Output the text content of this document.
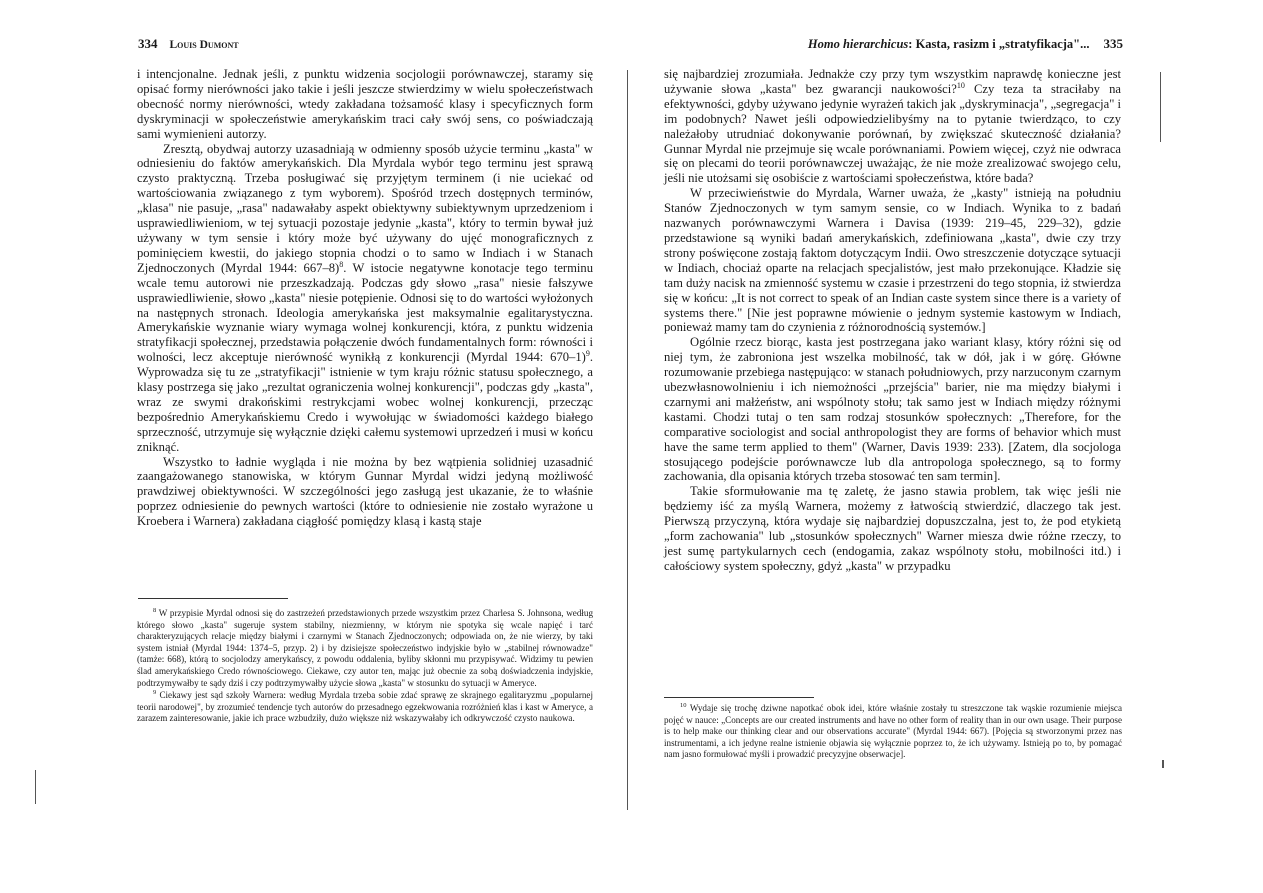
334 Louis Dumont

i intencjonalne. Jednak jeśli, z punktu widzenia socjologii porównawczej, staramy się opisać formy nierówności jako takie i jeśli jeszcze stwierdzimy w wielu społeczeństwach obecność normy nierówności, wtedy zakładana tożsamość klasy i specyficznych form dyskryminacji w społeczeństwie amerykańskim traci cały swój sens, co poświadczają sami wymienieni autorzy.

Zresztą, obydwaj autorzy uzasadniają w odmienny sposób użycie terminu „kasta" w odniesieniu do faktów amerykańskich. Dla Myrdala wybór tego terminu jest sprawą czysto praktyczną. Trzeba posługiwać się przyjętym terminem (i nie uciekać od wartościowania związanego z tym wyborem). Spośród trzech dostępnych terminów, „klasa" nie pasuje, „rasa" nadawałaby aspekt obiektywny subiektywnym uprzedzeniom i usprawiedliwieniom, w tej sytuacji pozostaje jedynie „kasta", który to termin bywał już używany w tym sensie i który może być używany do ujęć monograficznych z pominięciem kwestii, do jakiego stopnia chodzi o to samo w Indiach i w Stanach Zjednoczonych (Myrdal 1944: 667–8)$^8$. W istocie negatywne konotacje tego terminu wcale temu autorowi nie przeszkadzają. Podczas gdy słowo „rasa" niesie fałszywe usprawiedliwienie, słowo „kasta" niesie potępienie. Odnosi się to do wartości wyłożonych na następnych stronach. Ideologia amerykańska jest maksymalnie egalitarystyczna. Amerykańskie wyznanie wiary wymaga wolnej konkurencji, która, z punktu widzenia stratyfikacji społecznej, przedstawia połączenie dwóch fundamentalnych form: równości i wolności, lecz akceptuje nierówność wynikłą z konkurencji (Myrdal 1944: 670–1)$^9$. Wyprowadza się tu ze „stratyfikacji" istnienie w tym kraju różnic statusu społecznego, a klasy postrzega się jako „rezultat ograniczenia wolnej konkurencji", podczas gdy „kasta", wraz ze swymi drakońskimi restrykcjami wobec wolnej konkurencji, przecząc bezpośrednio Amerykańskiemu Credo i wywołując w świadomości każdego białego sprzeczność, utrzymuje się wyłącznie dzięki całemu systemowi uprzedzeń i musi w końcu zniknąć.

Wszystko to ładnie wygląda i nie można by bez wątpienia solidniej uzasadnić zaangażowanego stanowiska, w którym Gunnar Myrdal widzi jedyną możliwość prawdziwej obiektywności. W szczególności jego zasługą jest ukazanie, że to właśnie poprzez odniesienie do pewnych wartości (które to odniesienie nie zostało wyrażone u Kroebera i Warnera) zakładana ciągłość pomiędzy klasą i kastą staje

$^8$ W przypisie Myrdal odnosi się do zastrzeżeń przedstawionych przede wszystkim przez Charlesa S. Johnsona, według którego słowo „kasta" sugeruje system stabilny, niezmienny, w którym nie spotyka się wcale napięć i tarć charakteryzujących relacje między białymi i czarnymi w Stanach Zjednoczonych; odpowiada on, że nie wierzy, by taki system istniał (Myrdal 1944: 1374–5, przyp. 2) i by dzisiejsze społeczeństwo indyjskie było w „stabilnej równowadze" (tamże: 668), którą to socjolodzy amerykańscy, z powodu oddalenia, byliby skłonni mu przypisywać. Widzimy tu pewien ślad amerykańskiego Credo równościowego. Ciekawe, czy autor ten, mając już obecnie za sobą doświadczenia indyjskie, podtrzymywałby te sądy dziś i czy podtrzymywałby użycie słowa „kasta" w stosunku do sytuacji w Ameryce.

$^9$ Ciekawy jest sąd szkoły Warnera: według Myrdala trzeba sobie zdać sprawę ze skrajnego egalitaryzmu „popularnej teorii narodowej", by zrozumieć tendencje tych autorów do przesadnego egzekwowania rozróżnień klas i kast w Ameryce, a zarazem zainteresowanie, jakie ich prace wzbudziły, dużo większe niż wskazywałaby ich odkrywczość czysto naukowa.

Homo hierarchicus: Kasta, rasizm i „stratyfikacja"... 335

się najbardziej zrozumiała. Jednakże czy przy tym wszystkim naprawdę konieczne jest używanie słowa „kasta" bez gwarancji naukowości?$^{10}$ Czy teza ta straciłaby na efektywności, gdyby używano jedynie wyrażeń takich jak „dyskryminacja", „segregacja" i im podobnych? Nawet jeśli odpowiedzielibyśmy na to pytanie twierdząco, to czy należałoby utrudniać dokonywanie porównań, by zwiększać skuteczność działania? Gunnar Myrdal nie przejmuje się wcale porównaniami. Powiem więcej, czyż nie odwraca się on plecami do teorii porównawczej uważając, że nie może zrealizować swojego celu, jeśli nie utożsami się osobiście z wartościami społeczeństwa, które bada?

W przeciwieństwie do Myrdala, Warner uważa, że „kasty" istnieją na południu Stanów Zjednoczonych w tym samym sensie, co w Indiach. Wynika to z badań nazwanych porównawczymi Warnera i Davisa (1939: 219–45, 229–32), gdzie przedstawione są wyniki badań amerykańskich, zdefiniowana „kasta", dwie czy trzy strony poświęcone zostają faktom dotyczącym Indii. Owo streszczenie dotyczące sytuacji w Indiach, chociaż oparte na relacjach specjalistów, jest mało przekonujące. Kładzie się tam duży nacisk na zmienność systemu w czasie i przestrzeni do tego stopnia, iż stwierdza się w końcu: „It is not correct to speak of an Indian caste system since there is a variety of systems there." [Nie jest poprawne mówienie o jednym systemie kastowym w Indiach, ponieważ mamy tam do czynienia z różnorodnością systemów.]

Ogólnie rzecz biorąc, kasta jest postrzegana jako wariant klasy, który różni się od niej tym, że zabroniona jest wszelka mobilność, tak w dół, jak i w górę. Główne rozumowanie przebiega następująco: w stanach południowych, przy narzuconym czarnym ubezwłasnowolnieniu i ich niemożności „przejścia" barier, nie ma między białymi i czarnymi ani małżeństw, ani wspólnoty stołu; tak samo jest w Indiach między różnymi kastami. Chodzi tutaj o ten sam rodzaj stosunków społecznych: „Therefore, for the comparative sociologist and social anthropologist they are forms of behavior which must have the same term applied to them" (Warner, Davis 1939: 233). [Zatem, dla socjologa stosującego podejście porównawcze lub dla antropologa społecznego, są to formy zachowania, dla opisania których trzeba stosować ten sam termin].

Takie sformułowanie ma tę zaletę, że jasno stawia problem, tak więc jeśli nie będziemy iść za myślą Warnera, możemy z łatwością stwierdzić, dlaczego tak jest. Pierwszą przyczyną, która wydaje się najbardziej dopuszczalna, jest to, że pod etykietą „form zachowania" lub „stosunków społecznych" Warner miesza dwie różne rzeczy, to jest sumę partykularnych cech (endogamia, zakaz wspólnoty stołu, mobilności itd.) i całościowy system społeczny, gdyż „kasta" w przypadku

$^{10}$ Wydaje się trochę dziwne napotkać obok idei, które właśnie zostały tu streszczone tak wąskie rozumienie miejsca pojęć w nauce: „Concepts are our created instruments and have no other form of reality than in our own usage. Their purpose is to help make our thinking clear and our observations accurate" (Myrdal 1944: 667). [Pojęcia są stworzonymi przez nas instrumentami, a ich jedyne realne istnienie objawia się wyłącznie poprzez to, że ich używamy. Istnieją po to, by pomagać nam jasno formułować myśli i prowadzić precyzyjne obserwacje].
